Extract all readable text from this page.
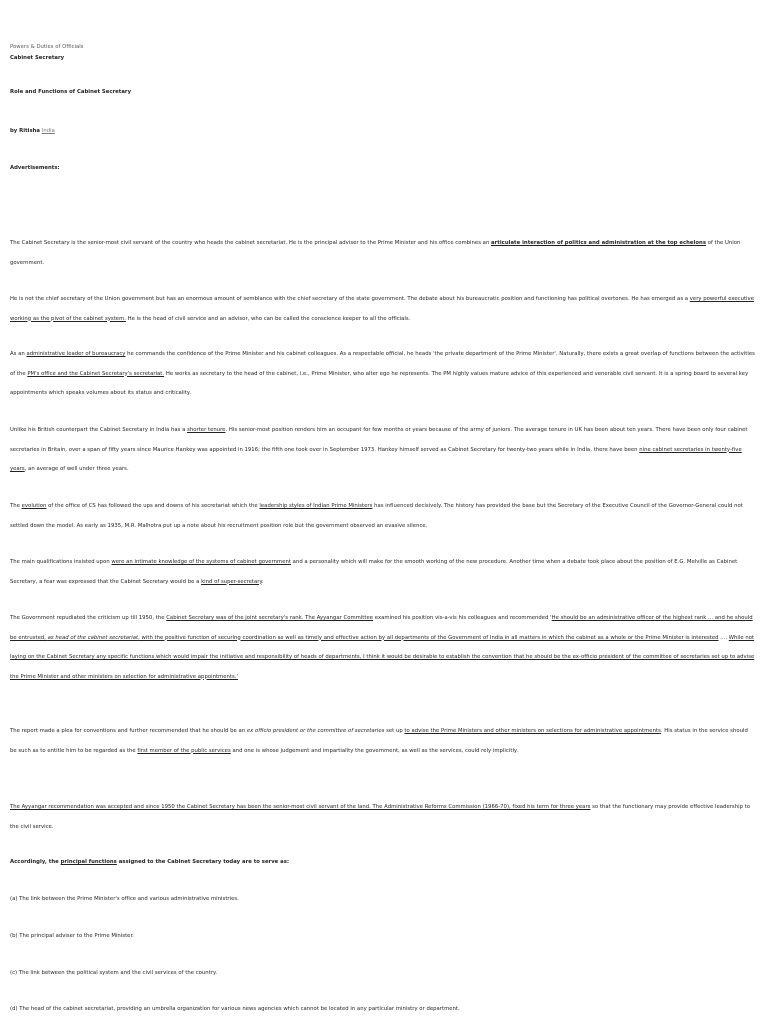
Powers & Duties of Officials
Cabinet Secretary
Role and Functions of Cabinet Secretary
by Ritisha India
Advertisements:
The Cabinet Secretary is the senior-most civil servant of the country who heads the cabinet secretariat. He is the principal adviser to the Prime Minister and his office combines an articulate interaction of politics and administration at the top echelons of the Union government.
He is not the chief secretary of the Union government but has an enormous amount of semblance with the chief secretary of the state government. The debate about his bureaucratic position and functioning has political overtones. He has emerged as a very powerful executive working as the pivot of the cabinet system. He is the head of civil service and an advisor, who can be called the conscience keeper to all the officials.
As an administrative leader of bureaucracy he commands the confidence of the Prime Minister and his cabinet colleagues. As a respectable official, he heads 'the private department of the Prime Minister'. Naturally, there exists a great overlap of functions between the activities of the PM's office and the Cabinet Secretary's secretariat. He works as secretary to the head of the cabinet, i.e., Prime Minister, who alter ego he represents. The PM highly values mature advice of this experienced and venerable civil servant. It is a spring board to several key appointments which speaks volumes about its status and criticality.
Unlike his British counterpart the Cabinet Secretary in India has a shorter tenure. His senior-most position renders him an occupant for few months or years because of the army of juniors. The average tenure in UK has been about ten years. There have been only four cabinet secretaries in Britain, over a span of fifty years since Maurice Hankey was appointed in 1916; the fifth one took over in September 1973. Hankey himself served as Cabinet Secretary for twenty-two years while in India, there have been nine cabinet secretaries in twenty-five years, an average of well under three years.
The evolution of the office of CS has followed the ups and downs of his secretariat which the leadership styles of Indian Prime Ministers has influenced decisively. The history has provided the base but the Secretary of the Executive Council of the Governor-General could not settled down the model. As early as 1935, M.R. Malhotra put up a note about his recruitment position role but the government observed an evasive silence.
The main qualifications insisted upon were an intimate knowledge of the systems of cabinet government and a personality which will make for the smooth working of the new procedure. Another time when a debate took place about the position of E.G. Melville as Cabinet Secretary, a fear was expressed that the Cabinet Secretary would be a kind of super-secretary.
The Government repudiated the criticism up till 1950, the Cabinet Secretary was of the joint secretary's rank. The Ayyangar Committee examined his position vis-a-vis his colleagues and recommended 'He should be an administrative officer of the highest rank ... and he should be entrusted, as head of the cabinet secretariat, with the positive function of securing coordination as well as timely and effective action by all departments of the Government of India in all matters in which the cabinet as a whole or the Prime Minister is interested .... While not laying on the Cabinet Secretary any specific functions which would impair the initiative and responsibility of heads of departments, I think it would be desirable to establish the convention that he should be the ex-officio president of the committee of secretaries set up to advise the Prime Minister and other ministers on selection for administrative appointments.'
The report made a plea for conventions and further recommended that he should be an ex officio president or the committee of secretaries set up to advise the Prime Ministers and other ministers on selections for administrative appointments. His status in the service should be such as to entitle him to be regarded as the first member of the public services and one is whose judgement and impartiality the government, as well as the services, could rely implicitly.
The Ayyangar recommendation was accepted and since 1950 the Cabinet Secretary has been the senior-most civil servant of the land. The Administrative Reforms Commission (1966-70), fixed his term for three years so that the functionary may provide effective leadership to the civil service.
Accordingly, the principal functions assigned to the Cabinet Secretary today are to serve as:
(a) The link between the Prime Minister's office and various administrative ministries.
(b) The principal adviser to the Prime Minister.
(c) The link between the political system and the civil services of the country.
(d) The head of the cabinet secretariat, providing an umbrella organization for various news agencies which cannot be located in any particular ministry or department.
